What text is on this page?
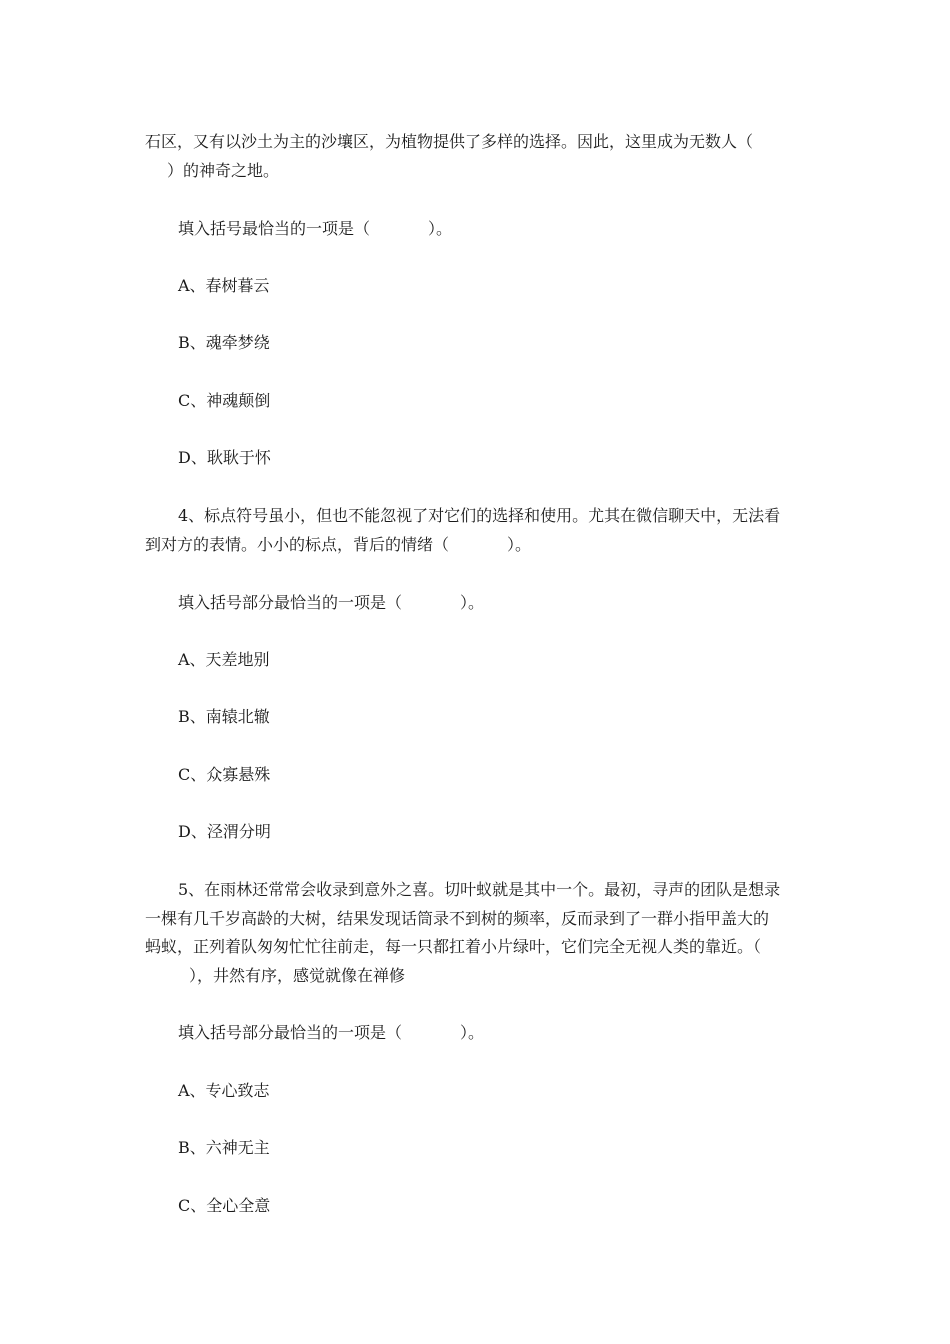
石区，又有以沙土为主的沙壤区，为植物提供了多样的选择。因此，这里成为无数人（

）的神奇之地。

填入括号最恰当的一项是（	）。

A、春树暮云

B、魂牵梦绕

C、神魂颠倒

D、耿耿于怀

4、标点符号虽小，但也不能忽视了对它们的选择和使用。尤其在微信聊天中，无法看

到对方的表情。小小的标点，背后的情绪（	）。

填入括号部分最恰当的一项是（	）。

A、天差地别

B、南辕北辙

C、众寡悬殊

D、泾渭分明

5、在雨林还常常会收录到意外之喜。切叶蚁就是其中一个。最初，寻声的团队是想录

一棵有几千岁高龄的大树，结果发现话筒录不到树的频率，反而录到了一群小指甲盖大的

蚂蚁，正列着队匆匆忙忙往前走，每一只都扛着小片绿叶，它们完全无视人类的靠近。（

），井然有序，感觉就像在禅修

填入括号部分最恰当的一项是（	）。

A、专心致志

B、六神无主

C、全心全意
